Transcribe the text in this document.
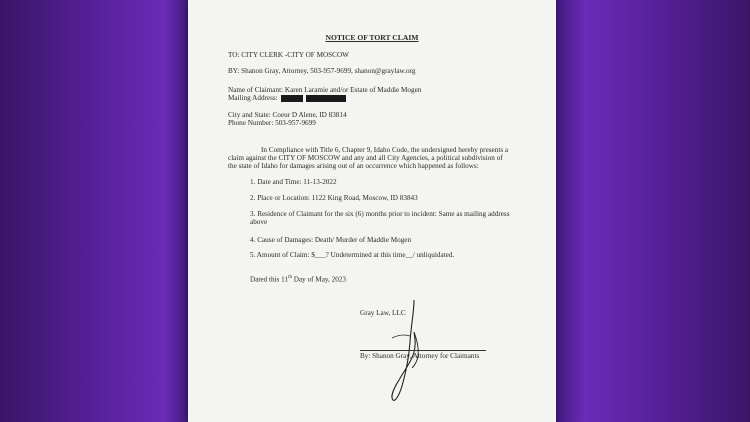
NOTICE OF TORT CLAIM
TO: CITY CLERK -CITY OF MOSCOW
BY: Shanon Gray, Attorney, 503-957-9699, shanon@graylaw.org
Name of Claimant: Karen Laramie and/or Estate of Maddie Mogen
Mailing Address:
City and State: Coeur D Alene, ID 83814
Phone Number: 503-957-9699
In Compliance with Title 6, Chapter 9, Idaho Code, the undersigned hereby presents a
claim against the CITY OF MOSCOW and any and all City Agencies, a political subdivision of
the state of Idaho for damages arising out of an occurrence which happened as follows:
1. Date and Time: 11-13-2022
2. Place or Location: 1122 King Road, Moscow, ID 83843
3. Residence of Claimant for the six (6) months prior to incident: Same as mailing address
above
4. Cause of Damages: Death/ Murder of Maddie Mogen
5. Amount of Claim: $___? Undetermined at this time__/ unliquidated.
Dated this 11th Day of May, 2023
Gray Law, LLC
By: Shanon Gray, Attorney for Claimants
